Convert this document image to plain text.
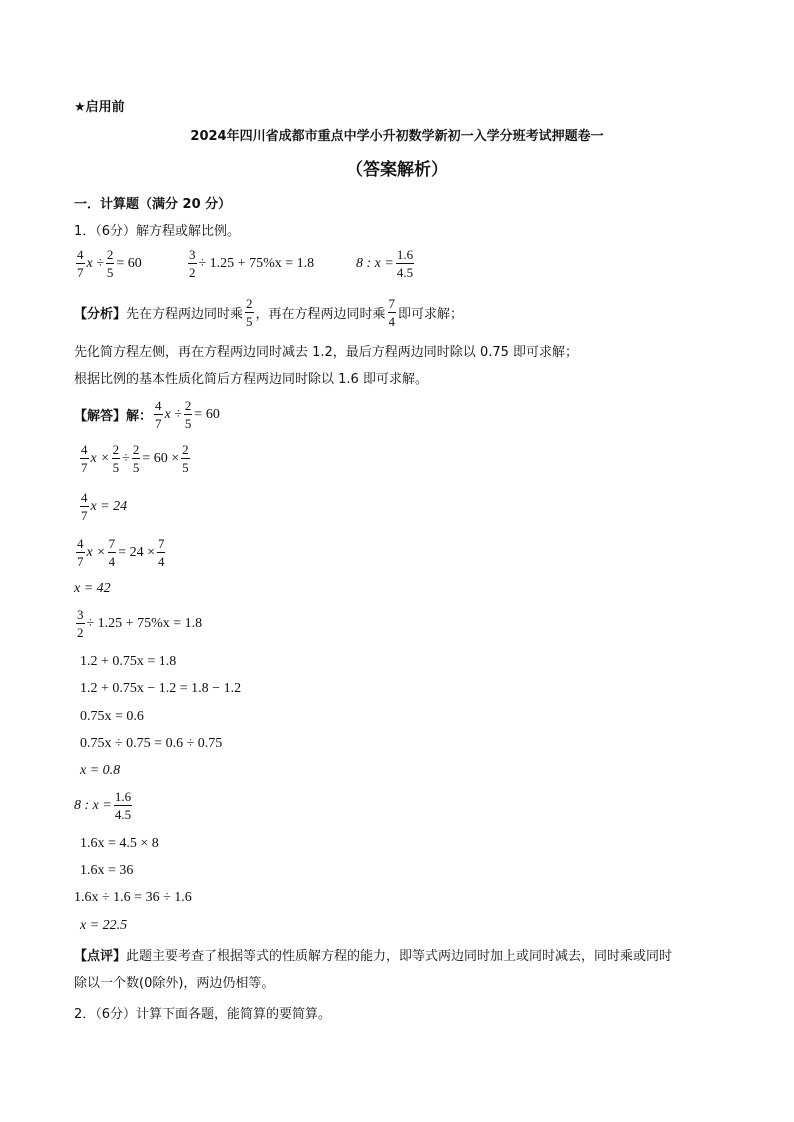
★启用前
2024年四川省成都市重点中学小升初数学新初一入学分班考试押题卷一
（答案解析）
一．计算题（满分 20 分）
1．（6分）解方程或解比例。
$\frac{4}{7}$ $x \div \frac{2}{5} = 60$	$\frac{3}{2} \div 1.25 + 75\%x = 1.8$	8 : $x = \frac{1.6}{4.5}$
【分析】 先在方程两边同时乘 $\frac{2}{5}$ ，再在方程两边同时乘 $\frac{7}{4}$ 即可求解；
先化简方程左侧，再在方程两边同时减去 1.2，最后方程两边同时除以 0.75 即可求解；
根据比例的基本性质化简后方程两边同时除以 1.6 即可求解。
【解答】解： $\frac{4}{7}$ $x \div \frac{2}{5} = 60$
$\frac{4}{7}$ $x \times \frac{2}{5} \div \frac{2}{5} = 60 \times \frac{2}{5}$
$\frac{4}{7}$ x = 24
$\frac{4}{7}$ $x \times \frac{7}{4} = 24 \times \frac{7}{4}$
x = 42
$\frac{3}{2} \div 1.25 + 75\%x = 1.8$
1.2 + 0.75x = 1.8
1.2 + 0.75x − 1.2 = 1.8 − 1.2
0.75x = 0.6
0.75x ÷ 0.75 = 0.6 ÷ 0.75
x = 0.8
8 : $x = \frac{1.6}{4.5}$
1.6x = 4.5 × 8
1.6x = 36
1.6x ÷ 1.6 = 36 ÷ 1.6
x = 22.5
【点评】此题主要考查了根据等式的性质解方程的能力，即等式两边同时加上或同时减去，同时乘或同时
除以一个数(0除外)，两边仍相等。
2．（6分）计算下面各题，能简算的要简算。
